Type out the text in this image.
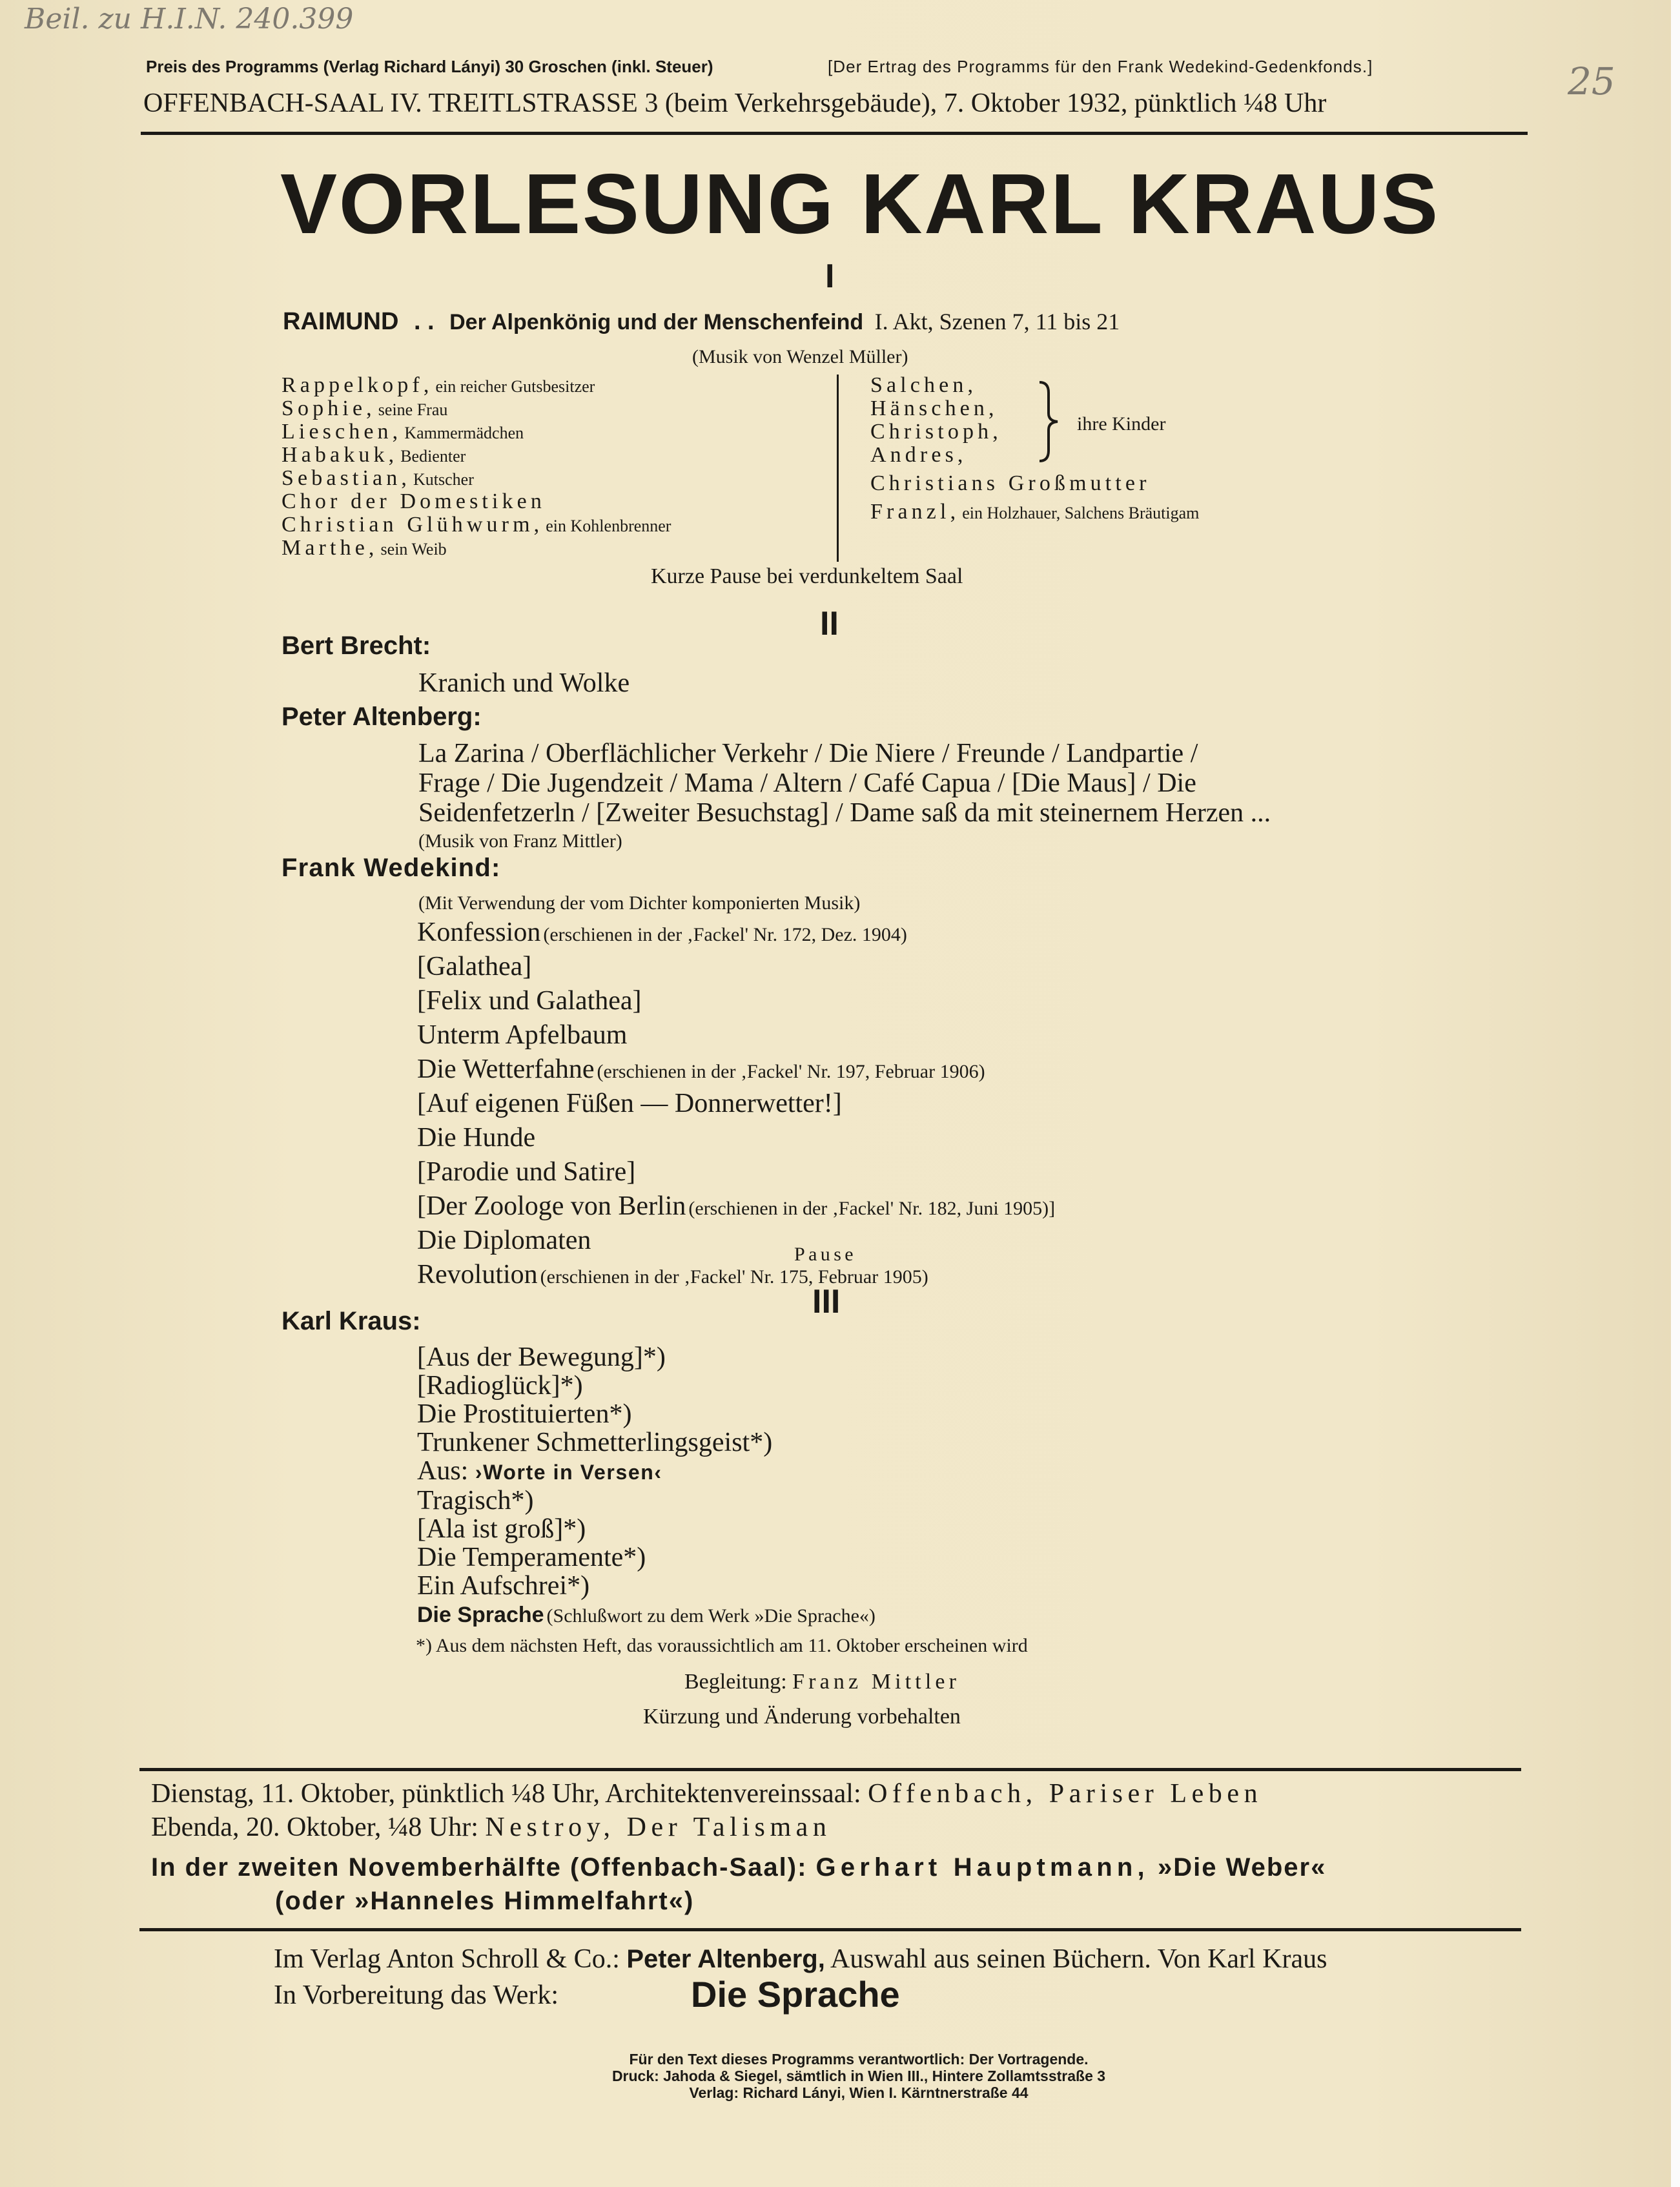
Beil. zu H.I.N. 240.399
25
Preis des Programms (Verlag Richard Lányi) 30 Groschen (inkl. Steuer)	[Der Ertrag des Programms für den Frank Wedekind-Gedenkfonds.]
OFFENBACH-SAAL IV. TREITLSTRASSE 3 (beim Verkehrsgebäude), 7. Oktober 1932, pünktlich ¼8 Uhr
VORLESUNG KARL KRAUS
I
RAIMUND . . Der Alpenkönig und der Menschenfeind I. Akt, Szenen 7, 11 bis 21
(Musik von Wenzel Müller)
Rappelkopf, ein reicher Gutsbesitzer
Sophie, seine Frau
Lieschen, Kammermädchen
Habakuk, Bedienter
Sebastian, Kutscher
Chor der Domestiken
Christian Glühwurm, ein Kohlenbrenner
Marthe, sein Weib
Salchen,
Hänschen,
Christoph,
Andres,
ihre Kinder
Christians Großmutter
Franzl, ein Holzhauer, Salchens Bräutigam
Kurze Pause bei verdunkeltem Saal
II
Bert Brecht:
Kranich und Wolke
Peter Altenberg:
La Zarina / Oberflächlicher Verkehr / Die Niere / Freunde / Landpartie /
Frage / Die Jugendzeit / Mama / Altern / Café Capua / [Die Maus] / Die
Seidenfetzerln / [Zweiter Besuchstag] / Dame saß da mit steinernem Herzen ...
(Musik von Franz Mittler)
Frank Wedekind:
(Mit Verwendung der vom Dichter komponierten Musik)
Konfession (erschienen in der ‚Fackel' Nr. 172, Dez. 1904)
[Galathea]
[Felix und Galathea]
Unterm Apfelbaum
Die Wetterfahne (erschienen in der ‚Fackel' Nr. 197, Februar 1906)
[Auf eigenen Füßen — Donnerwetter!]
Die Hunde
[Parodie und Satire]
[Der Zoologe von Berlin (erschienen in der ‚Fackel' Nr. 182, Juni 1905)]
Die Diplomaten
Revolution (erschienen in der ‚Fackel' Nr. 175, Februar 1905)
Pause
III
Karl Kraus:
[Aus der Bewegung]*)
[Radioglück]*)
Die Prostituierten*)
Trunkener Schmetterlingsgeist*)
Aus: ›Worte in Versen‹
Tragisch*)
[Ala ist groß]*)
Die Temperamente*)
Ein Aufschrei*)
Die Sprache (Schlußwort zu dem Werk »Die Sprache«)
*) Aus dem nächsten Heft, das voraussichtlich am 11. Oktober erscheinen wird
Begleitung: Franz Mittler
Kürzung und Änderung vorbehalten
Dienstag, 11. Oktober, pünktlich ¼8 Uhr, Architektenvereinssaal: Offenbach, Pariser Leben
Ebenda, 20. Oktober, ¼8 Uhr: Nestroy, Der Talisman
In der zweiten Novemberhälfte (Offenbach-Saal): Gerhart Hauptmann, »Die Weber«
(oder »Hanneles Himmelfahrt«)
Im Verlag Anton Schroll & Co.: Peter Altenberg, Auswahl aus seinen Büchern. Von Karl Kraus
In Vorbereitung das Werk:	Die Sprache
Für den Text dieses Programms verantwortlich: Der Vortragende.
Druck: Jahoda & Siegel, sämtlich in Wien III., Hintere Zollamtsstraße 3
Verlag: Richard Lányi, Wien I. Kärntnerstraße 44
